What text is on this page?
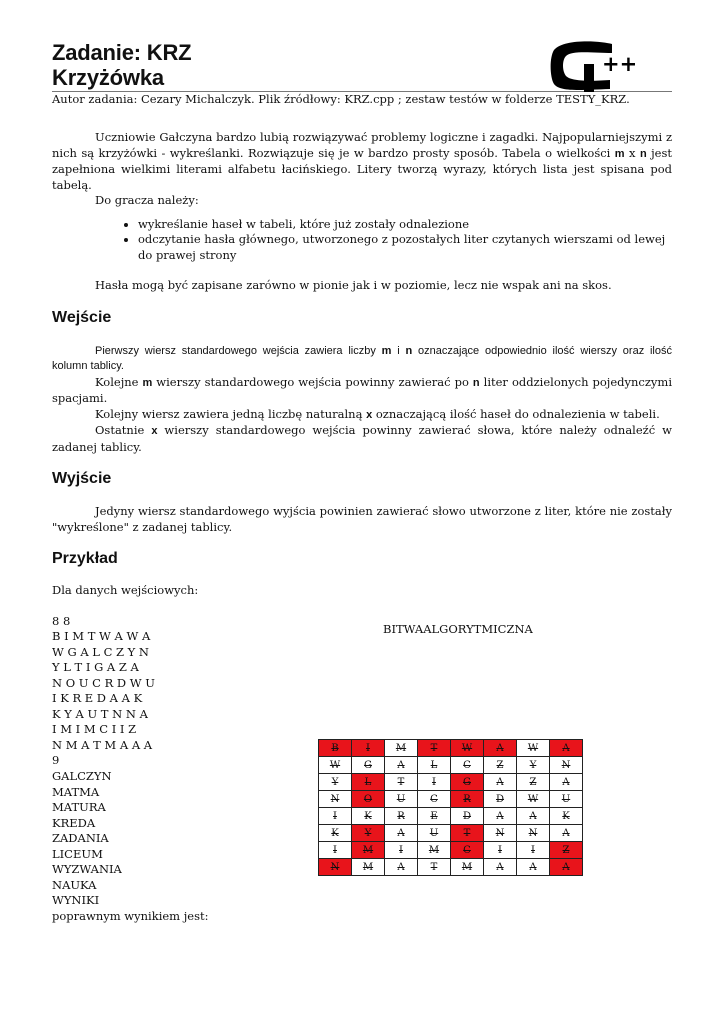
++
Zadanie: KRZ
Krzyżówka

Autor zadania: Cezary Michalczyk. Plik źródłowy: KRZ.cpp ; zestaw testów w folderze TESTY_KRZ.

Uczniowie Gałczyna bardzo lubią rozwiązywać problemy logiczne i zagadki. Najpopularniejszymi z nich są krzyżówki - wykreślanki. Rozwiązuje się je w bardzo prosty sposób. Tabela o wielkości m x n jest zapełniona wielkimi literami alfabetu łacińskiego. Litery tworzą wyrazy, których lista jest spisana pod tabelą.

Do gracza należy:

• wykreślanie haseł w tabeli, które już zostały odnalezione
• odczytanie hasła głównego, utworzonego z pozostałych liter czytanych wierszami od lewej do prawej strony

Hasła mogą być zapisane zarówno w pionie jak i w poziomie, lecz nie wspak ani na skos.

Wejście

Pierwszy wiersz standardowego wejścia zawiera liczby m i n oznaczające odpowiednio ilość wierszy oraz ilość kolumn tablicy.

Kolejne m wierszy standardowego wejścia powinny zawierać po n liter oddzielonych pojedynczymi spacjami.

Kolejny wiersz zawiera jedną liczbę naturalną x oznaczającą ilość haseł do odnalezienia w tabeli.

Ostatnie x wierszy standardowego wejścia powinny zawierać słowa, które należy odnaleźć w zadanej tablicy.

Wyjście

Jedyny wiersz standardowego wyjścia powinien zawierać słowo utworzone z liter, które nie zostały "wykreślone" z zadanej tablicy.

Przykład

Dla danych wejściowych:

8 8
B I M T W A W A
W G A L C Z Y N
Y L T I G A Z A
N O U C R D W U
I K R E D A A K
K Y A U T N N A
I M I M C I I Z
N M A T M A A A
9
GALCZYN
MATMA
MATURA
KREDA
ZADANIA
LICEUM
WYZWANIA
NAUKA
WYNIKI

poprawnym wynikiem jest:

BITWAALGORYTMICZNA
B	I	M	T	W	A	W	A
W	G	A	L	C	Z	Y	N
Y	L	T	I	G	A	Z	A
N	O	U	C	R	D	W	U
I	K	R	E	D	A	A	K
K	Y	A	U	T	N	N	A
I	M	I	M	C	I	I	Z
N	M	A	T	M	A	A	A
